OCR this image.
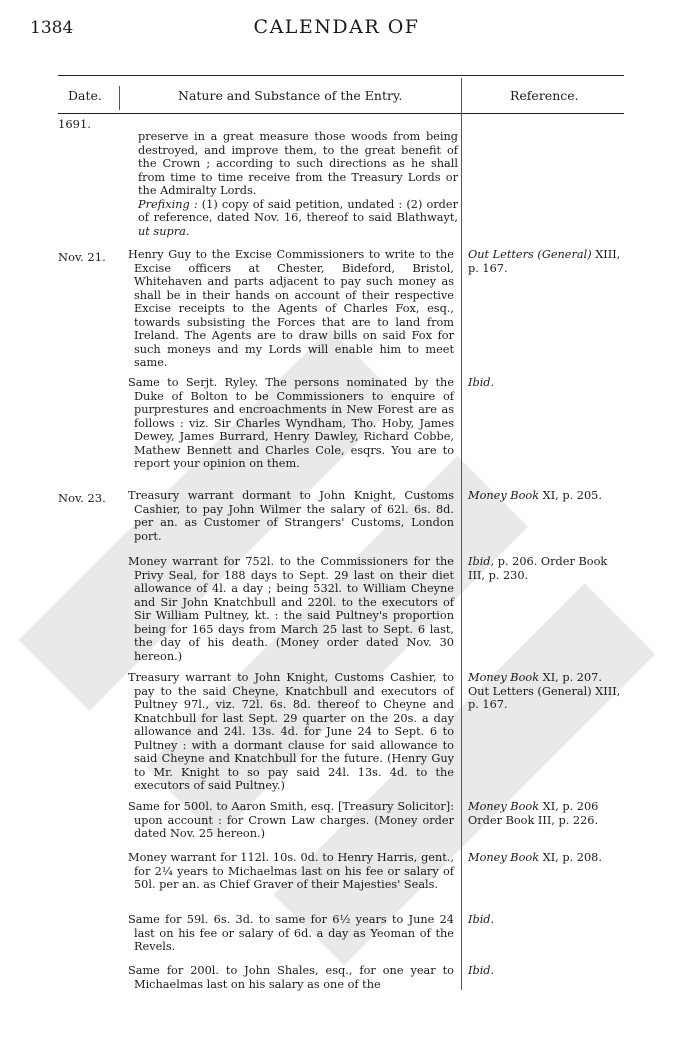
1384	CALENDAR OF
Date.	Nature and Substance of the Entry.	Reference.
1691.
preserve in a great measure those woods from being destroyed, and improve them, to the great benefit of the Crown ; according to such directions as he shall from time to time receive from the Treasury Lords or the Admiralty Lords.
Prefixing : (1) copy of said petition, undated : (2) order of reference, dated Nov. 16, thereof to said Blathwayt, ut supra.
Nov. 21. Henry Guy to the Excise Commissioners to write to the Excise officers at Chester, Bideford, Bristol, Whitehaven and parts adjacent to pay such money as shall be in their hands on account of their respective Excise receipts to the Agents of Charles Fox, esq., towards subsisting the Forces that are to land from Ireland. The Agents are to draw bills on said Fox for such moneys and my Lords will enable him to meet same.
Out Letters (General) XIII, p. 167.
Same to Serjt. Ryley. The persons nominated by the Duke of Bolton to be Commissioners to enquire of purprestures and encroachments in New Forest are as follows : viz. Sir Charles Wyndham, Tho. Hoby, James Dewey, James Burrard, Henry Dawley, Richard Cobbe, Mathew Bennett and Charles Cole, esqrs. You are to report your opinion on them.
Ibid.
Nov. 23. Treasury warrant dormant to John Knight, Customs Cashier, to pay John Wilmer the salary of 62l. 6s. 8d. per an. as Customer of Strangers' Customs, London port.
Money Book XI, p. 205.
Money warrant for 752l. to the Commissioners for the Privy Seal, for 188 days to Sept. 29 last on their diet allowance of 4l. a day ; being 532l. to William Cheyne and Sir John Knatchbull and 220l. to the executors of Sir William Pultney, kt. : the said Pultney's proportion being for 165 days from March 25 last to Sept. 6 last, the day of his death. (Money order dated Nov. 30 hereon.)
Ibid, p. 206. Order Book III, p. 230.
Treasury warrant to John Knight, Customs Cashier, to pay to the said Cheyne, Knatchbull and executors of Pultney 97l., viz. 72l. 6s. 8d. thereof to Cheyne and Knatchbull for last Sept. 29 quarter on the 20s. a day allowance and 24l. 13s. 4d. for June 24 to Sept. 6 to Pultney : with a dormant clause for said allowance to said Cheyne and Knatchbull for the future. (Henry Guy to Mr. Knight to so pay said 24l. 13s. 4d. to the executors of said Pultney.)
Money Book XI, p. 207. Out Letters (General) XIII, p. 167.
Same for 500l. to Aaron Smith, esq. [Treasury Solicitor]: upon account : for Crown Law charges. (Money order dated Nov. 25 hereon.)
Money Book XI, p. 206 Order Book III, p. 226.
Money warrant for 112l. 10s. 0d. to Henry Harris, gent., for 2¼ years to Michaelmas last on his fee or salary of 50l. per an. as Chief Graver of their Majesties' Seals.
Money Book XI, p. 208.
Same for 59l. 6s. 3d. to same for 6½ years to June 24 last on his fee or salary of 6d. a day as Yeoman of the Revels.
Ibid.
Same for 200l. to John Shales, esq., for one year to Michaelmas last on his salary as one of the
Ibid.
